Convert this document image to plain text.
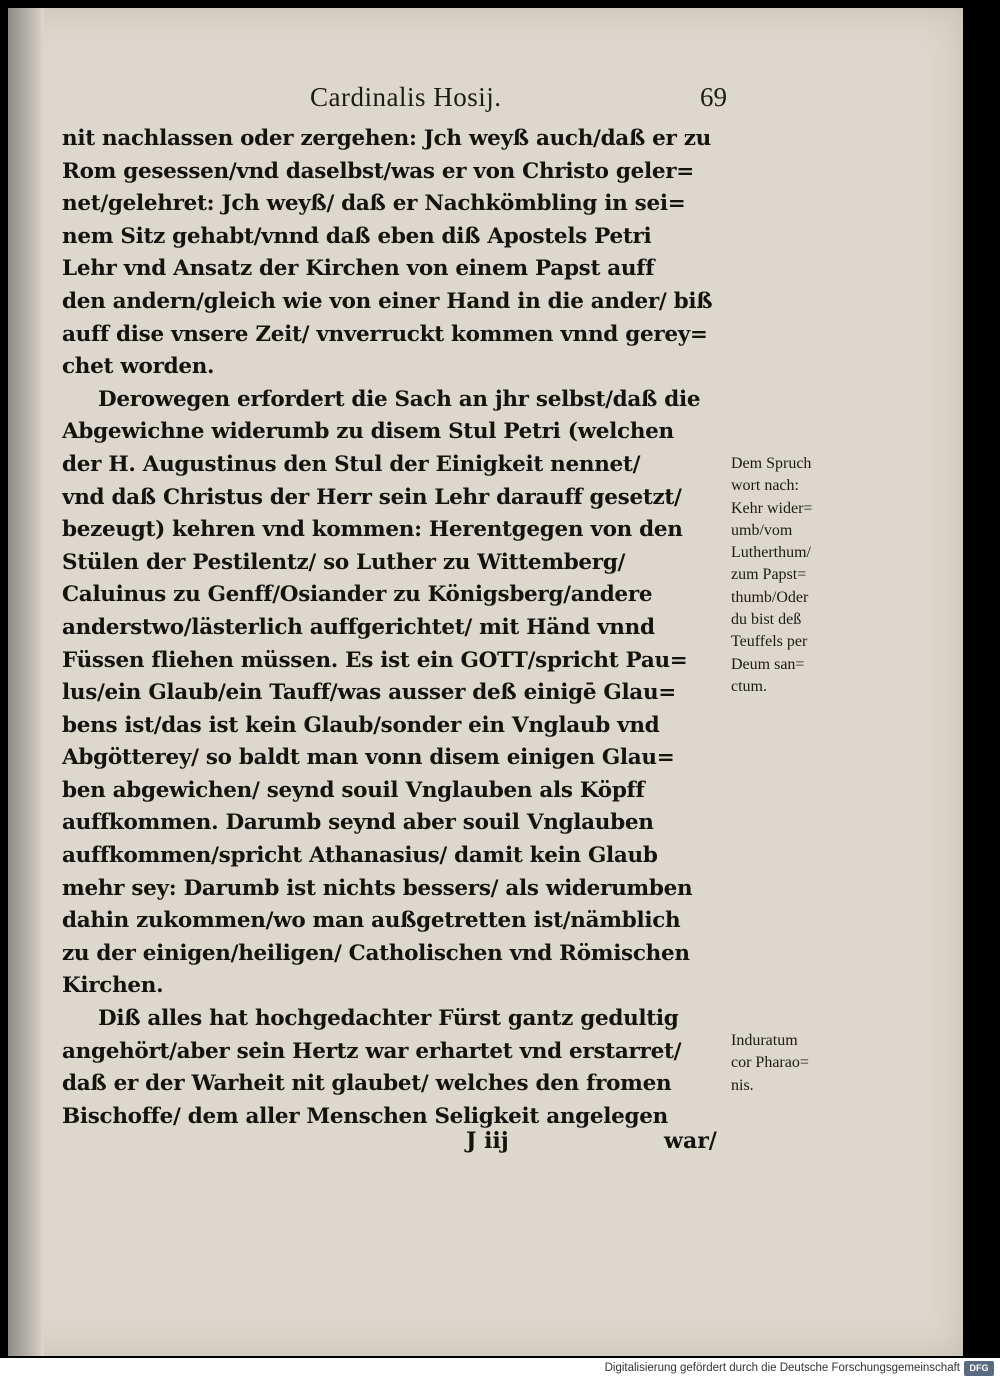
Cardinalis Hosij.	69
nit nachlassen oder zergehen: Jch weyß auch/daß er zu
Rom gesessen/vnd daselbst/was er von Christo geler=
net/gelehret: Jch weyß/ daß er Nachkömbling in sei=
nem Sitz gehabt/vnnd daß eben diß Apostels Petri
Lehr vnd Ansatz der Kirchen von einem Papst auff
den andern/gleich wie von einer Hand in die ander/ biß
auff dise vnsere Zeit/ vnverruckt kommen vnnd gerey=
chet worden.
Derowegen erfordert die Sach an jhr selbst/daß die
Abgewichne widerumb zu disem Stul Petri (welchen
der H. Augustinus den Stul der Einigkeit nennet/
vnd daß Christus der Herr sein Lehr darauff gesetzt/
bezeugt) kehren vnd kommen: Herentgegen von den
Stülen der Pestilentz/ so Luther zu Wittemberg/
Caluinus zu Genff/Osiander zu Königsberg/andere
anderstwo/lästerlich auffgerichtet/ mit Händ vnnd
Füssen fliehen müssen. Es ist ein GOTT/spricht Pau=
lus/ein Glaub/ein Tauff/was ausser deß einigē Glau=
bens ist/das ist kein Glaub/sonder ein Vnglaub vnd
Abgötterey/ so baldt man vonn disem einigen Glau=
ben abgewichen/ seynd souil Vnglauben als Köpff
auffkommen. Darumb seynd aber souil Vnglauben
auffkommen/spricht Athanasius/ damit kein Glaub
mehr sey: Darumb ist nichts bessers/ als widerumben
dahin zukommen/wo man außgetretten ist/nämblich
zu der einigen/heiligen/ Catholischen vnd Römischen
Kirchen.
Diß alles hat hochgedachter Fürst gantz gedultig
angehört/aber sein Hertz war erhartet vnd erstarret/
daß er der Warheit nit glaubet/ welches den fromen
Bischoffe/ dem aller Menschen Seligkeit angelegen
Dem Spruch
wort nach:
Kehr wider=
umb/vom
Lutherthum/
zum Papst=
thumb/Oder
du bist deß
Teuffels per
Deum san=
ctum.
Induratum
cor Pharao=
nis.
J iij	war/
Digitalisierung gefördert durch die Deutsche Forschungsgemeinschaft	DFG
